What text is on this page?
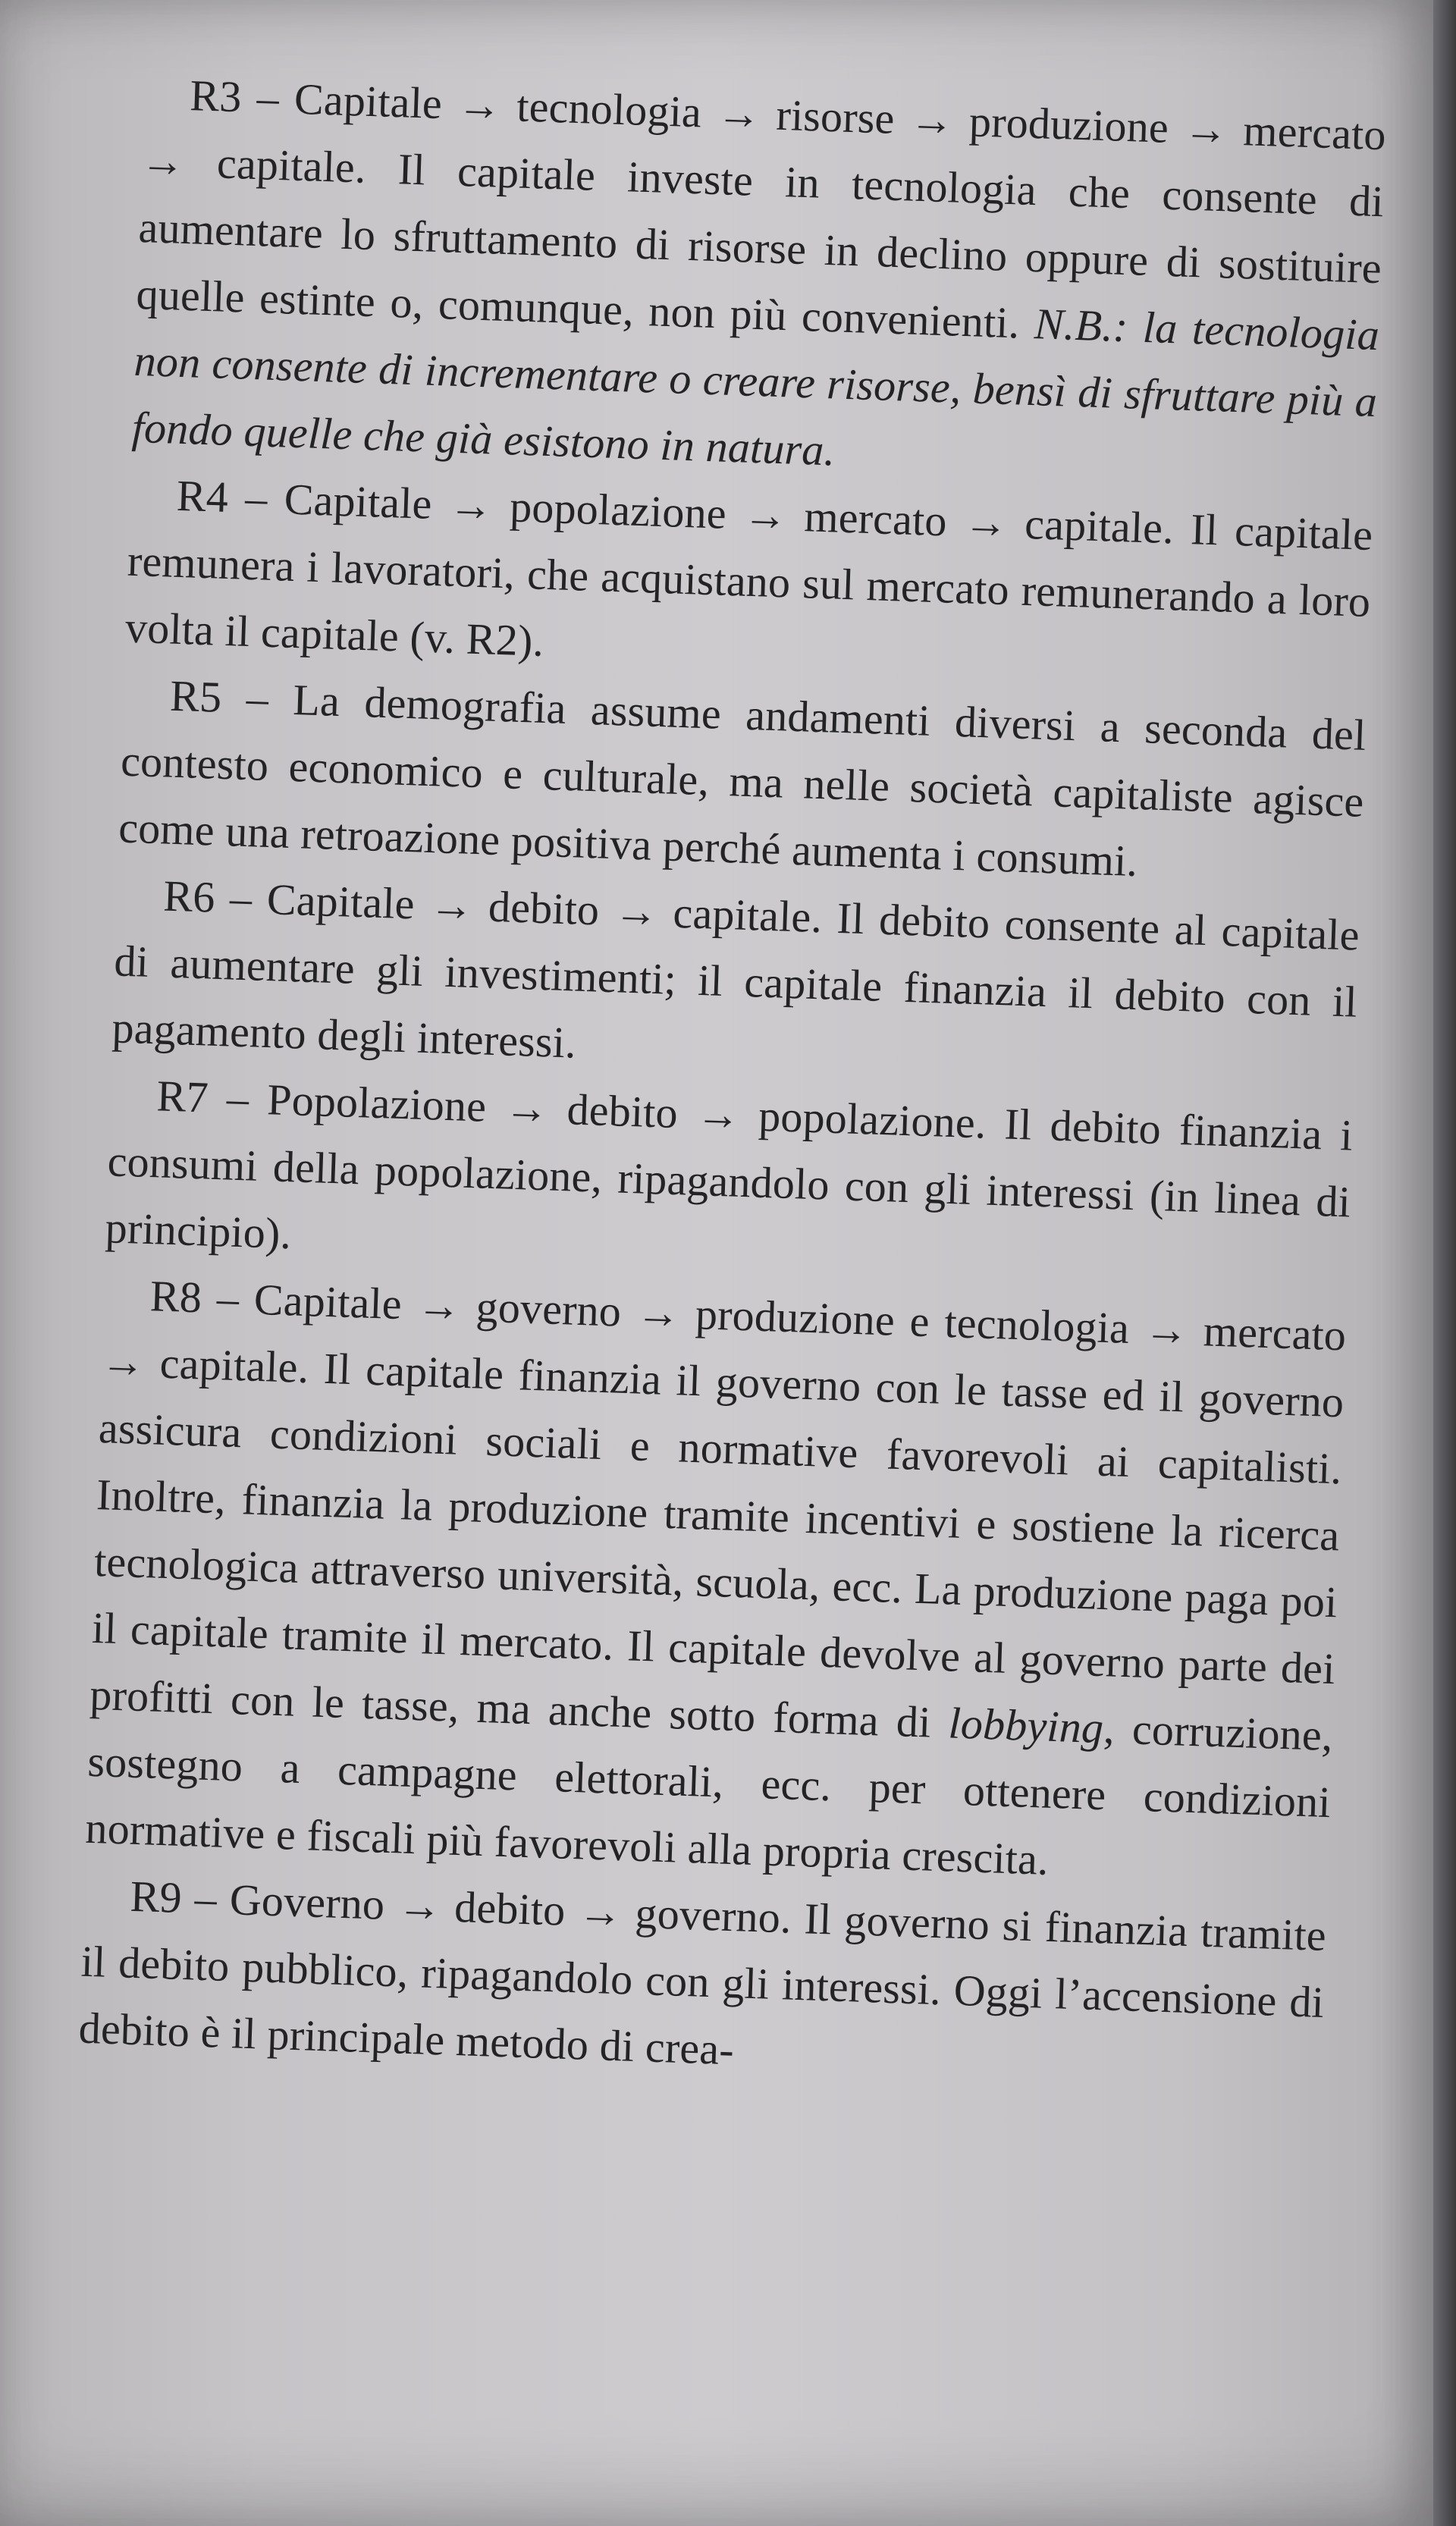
R3 – Capitale → tecnologia → risorse → produzione → mercato → capitale. Il capitale investe in tecnologia che consente di aumentare lo sfruttamento di risorse in declino oppure di sostituire quelle estinte o, comunque, non più convenienti. N.B.: la tecnologia non consente di incrementare o creare risorse, bensì di sfruttare più a fondo quelle che già esistono in natura.

R4 – Capitale → popolazione → mercato → capitale. Il capitale remunera i lavoratori, che acquistano sul mercato remunerando a loro volta il capitale (v. R2).

R5 – La demografia assume andamenti diversi a seconda del contesto economico e culturale, ma nelle società capitaliste agisce come una retroazione positiva perché aumenta i consumi.

R6 – Capitale → debito → capitale. Il debito consente al capitale di aumentare gli investimenti; il capitale finanzia il debito con il pagamento degli interessi.

R7 – Popolazione → debito → popolazione. Il debito finanzia i consumi della popolazione, ripagandolo con gli interessi (in linea di principio).

R8 – Capitale → governo → produzione e tecnologia → mercato → capitale. Il capitale finanzia il governo con le tasse ed il governo assicura condizioni sociali e normative favorevoli ai capitalisti. Inoltre, finanzia la produzione tramite incentivi e sostiene la ricerca tecnologica attraverso università, scuola, ecc. La produzione paga poi il capitale tramite il mercato. Il capitale devolve al governo parte dei profitti con le tasse, ma anche sotto forma di lobbying, corruzione, sostegno a campagne elettorali, ecc. per ottenere condizioni normative e fiscali più favorevoli alla propria crescita.

R9 – Governo → debito → governo. Il governo si finanzia tramite il debito pubblico, ripagandolo con gli interessi. Oggi l’accensione di debito è il principale metodo di crea-
